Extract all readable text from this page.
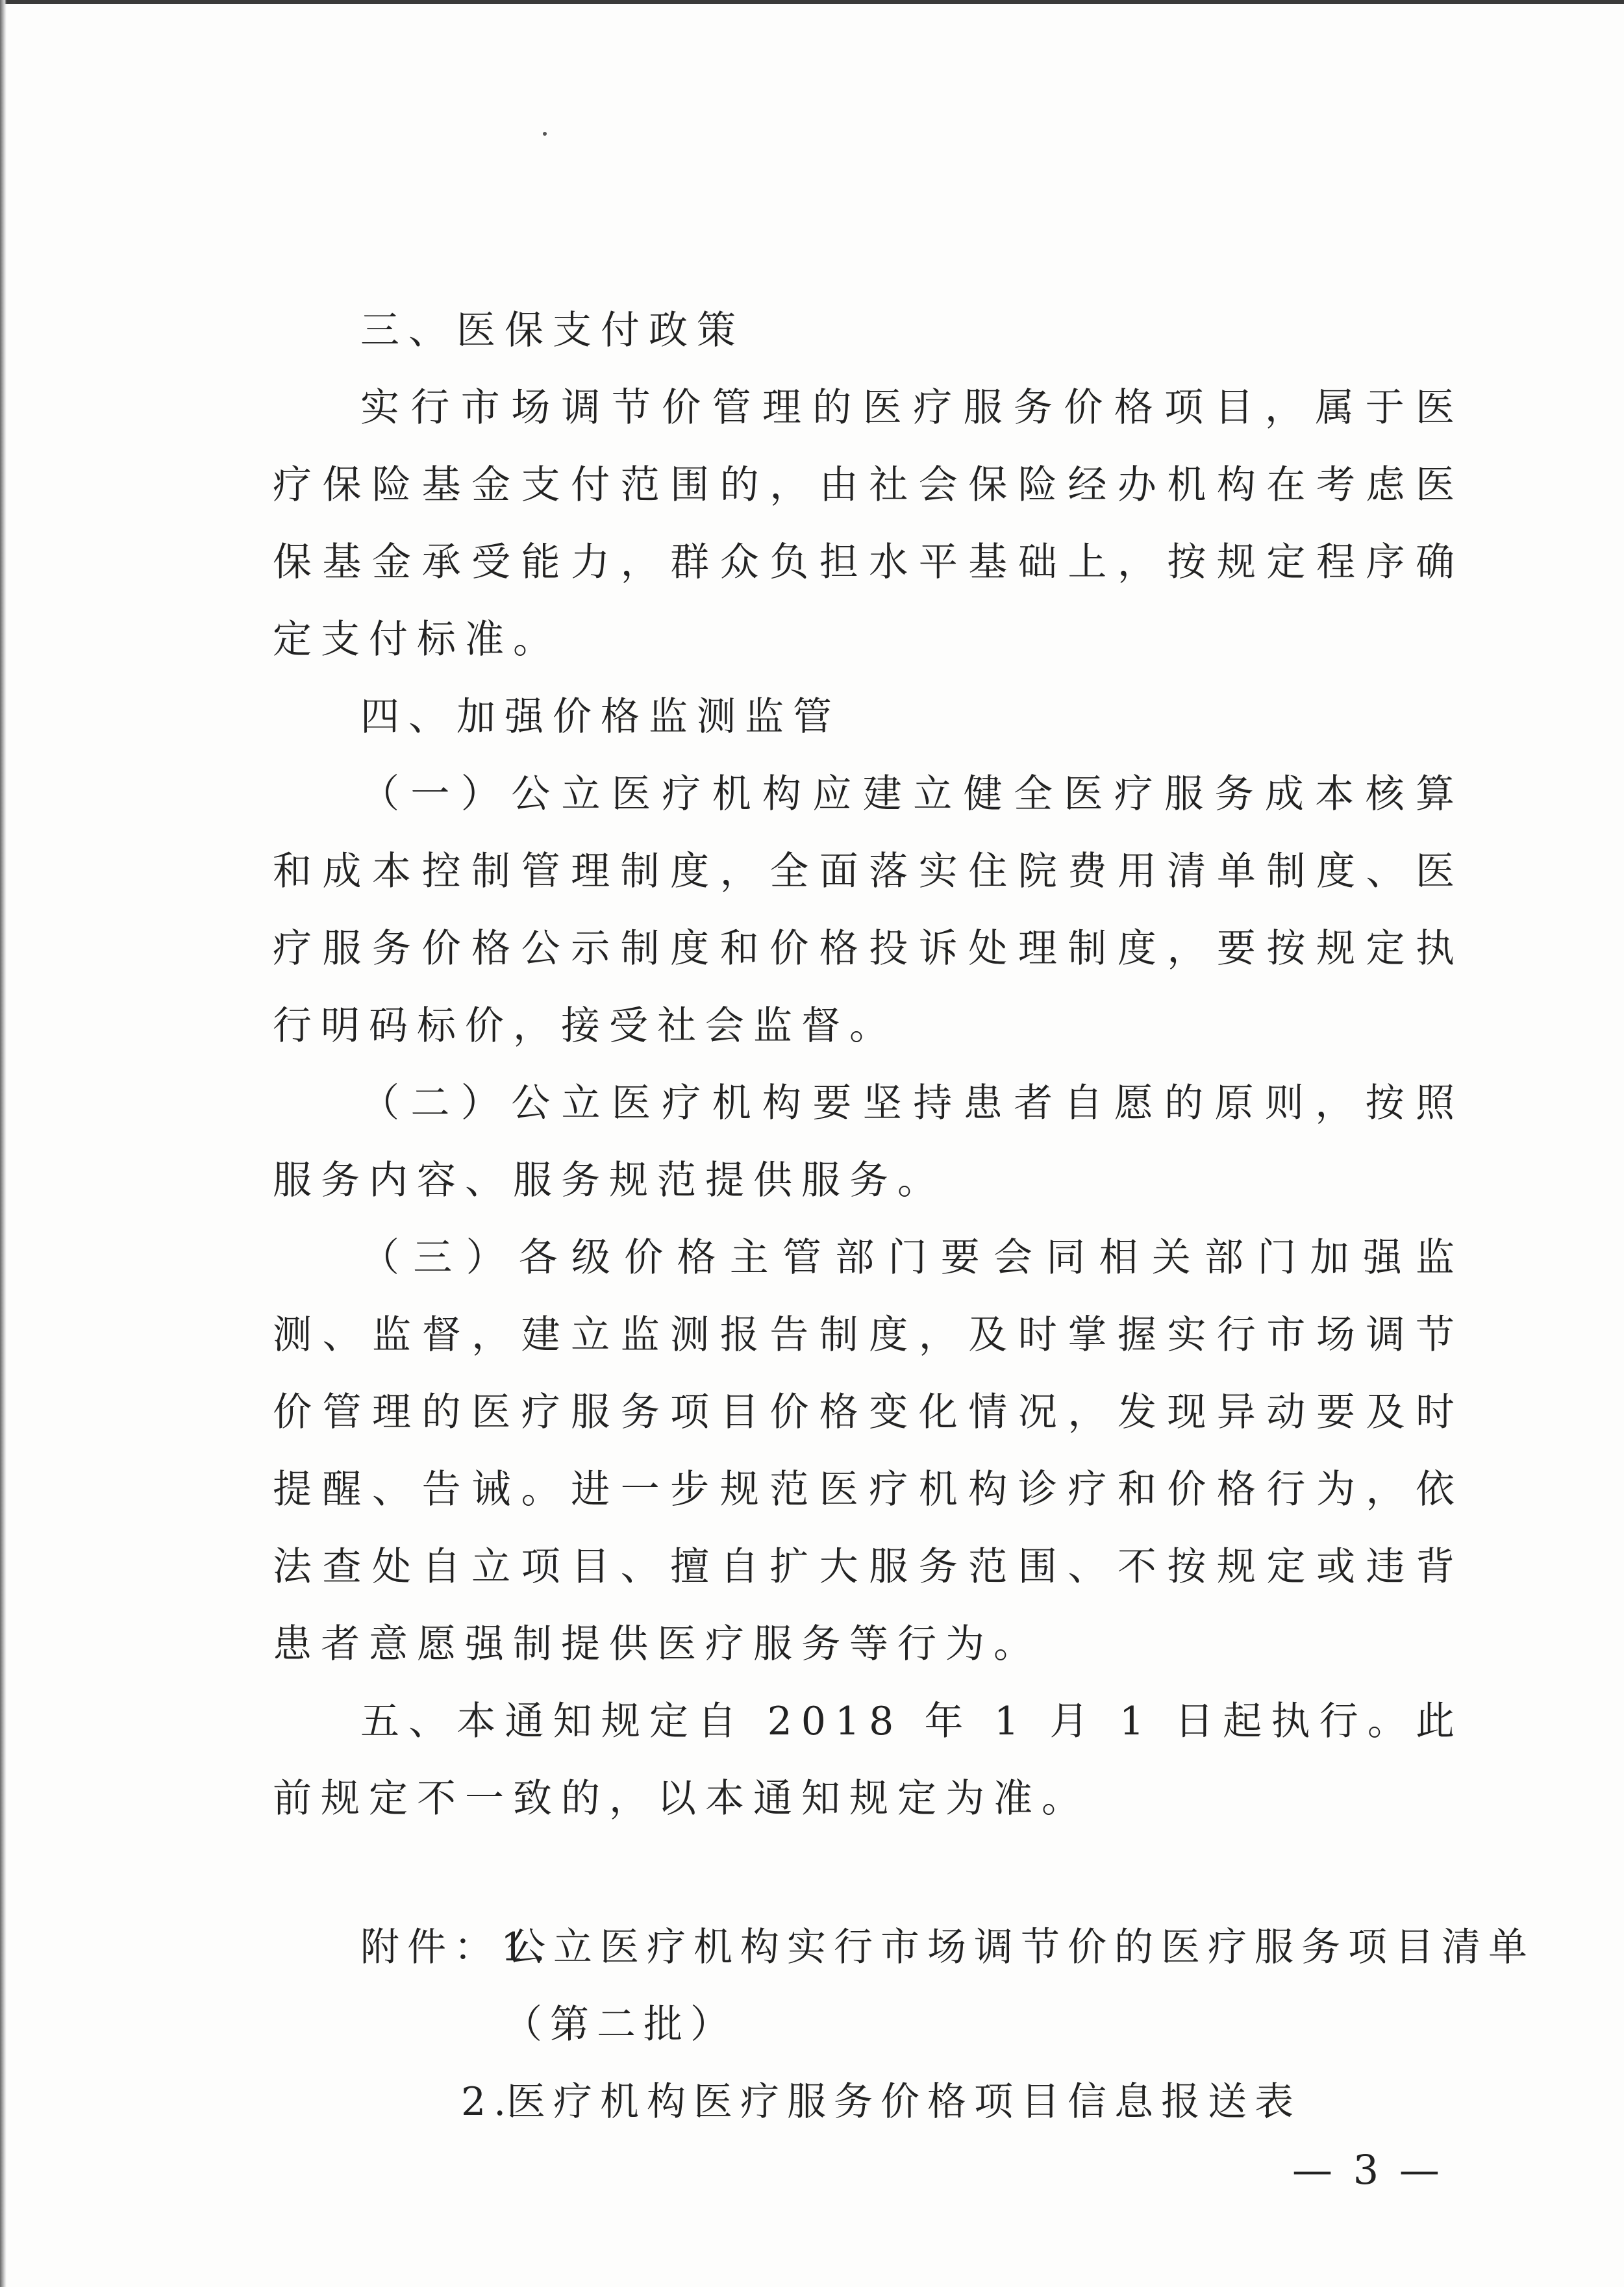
三、医保支付政策

实行市场调节价管理的医疗服务价格项目，属于医疗保险基金支付范围的，由社会保险经办机构在考虑医保基金承受能力，群众负担水平基础上，按规定程序确定支付标准。

四、加强价格监测监管

（一）公立医疗机构应建立健全医疗服务成本核算和成本控制管理制度，全面落实住院费用清单制度、医疗服务价格公示制度和价格投诉处理制度，要按规定执行明码标价，接受社会监督。

（二）公立医疗机构要坚持患者自愿的原则，按照服务内容、服务规范提供服务。

（三）各级价格主管部门要会同相关部门加强监测、监督，建立监测报告制度，及时掌握实行市场调节价管理的医疗服务项目价格变化情况，发现异动要及时提醒、告诫。进一步规范医疗机构诊疗和价格行为，依法查处自立项目、擅自扩大服务范围、不按规定或违背患者意愿强制提供医疗服务等行为。

五、本通知规定自 2018 年 1 月 1 日起执行。此前规定不一致的，以本通知规定为准。

附件：1.
公立医疗机构实行市场调节价的医疗服务项目清单
（第二批）
2.
医疗机构医疗服务价格项目信息报送表
— 3 —
